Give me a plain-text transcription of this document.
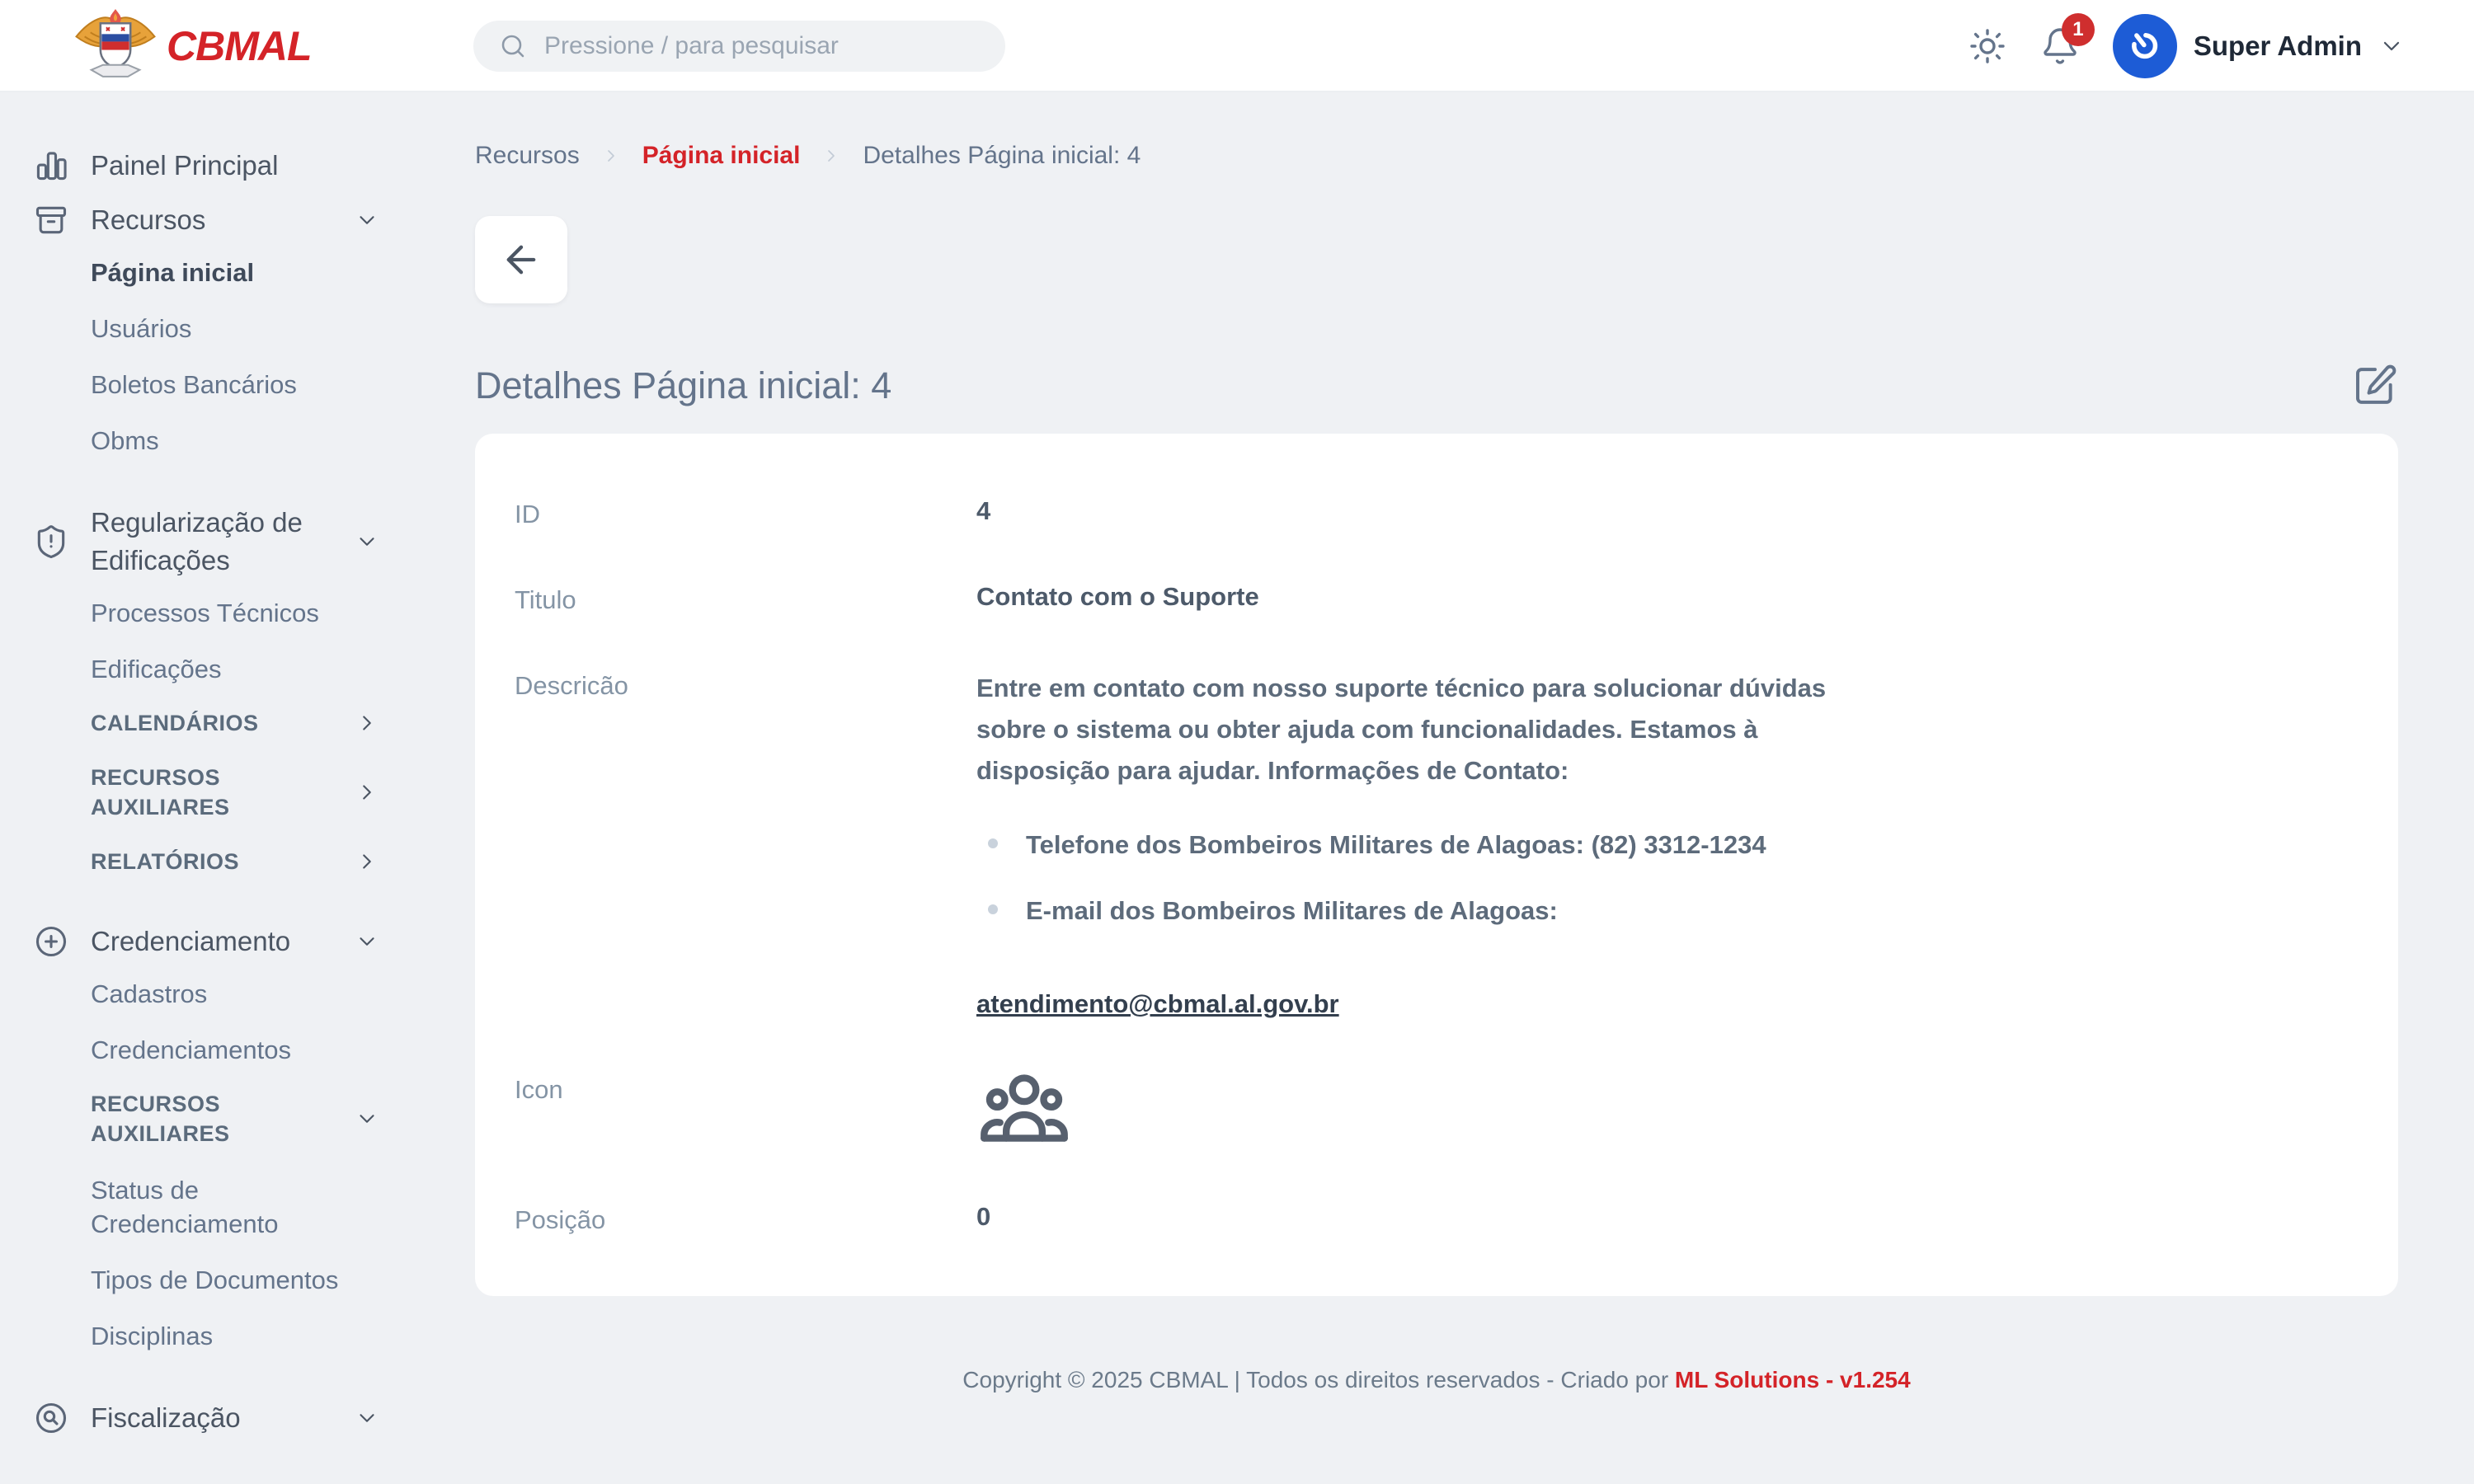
CBMAL
Pressione / para pesquisar	1
Super Admin
Painel Principal
Recursos
Página inicial
Usuários
Boletos Bancários
Obms
Regularização de Edificações
Processos Técnicos
Edificações
CALENDÁRIOS
RECURSOS AUXILIARES
RELATÓRIOS
Credenciamento
Cadastros
Credenciamentos
RECURSOS AUXILIARES
Status de Credenciamento
Tipos de Documentos
Disciplinas
Fiscalização
Recursos	Página inicial	Detalhes Página inicial: 4
Detalhes Página inicial: 4
ID	4
Titulo	Contato com o Suporte
Descricão	Entre em contato com nosso suporte técnico para solucionar dúvidas sobre o sistema ou obter ajuda com funcionalidades. Estamos à disposição para ajudar. Informações de Contato:

Telefone dos Bombeiros Militares de Alagoas: (82) 3312-1234
E-mail dos Bombeiros Militares de Alagoas:
atendimento@cbmal.al.gov.br
Icon
Posição	0
Copyright © 2025 CBMAL | Todos os direitos reservados - Criado por ML Solutions - v1.254
